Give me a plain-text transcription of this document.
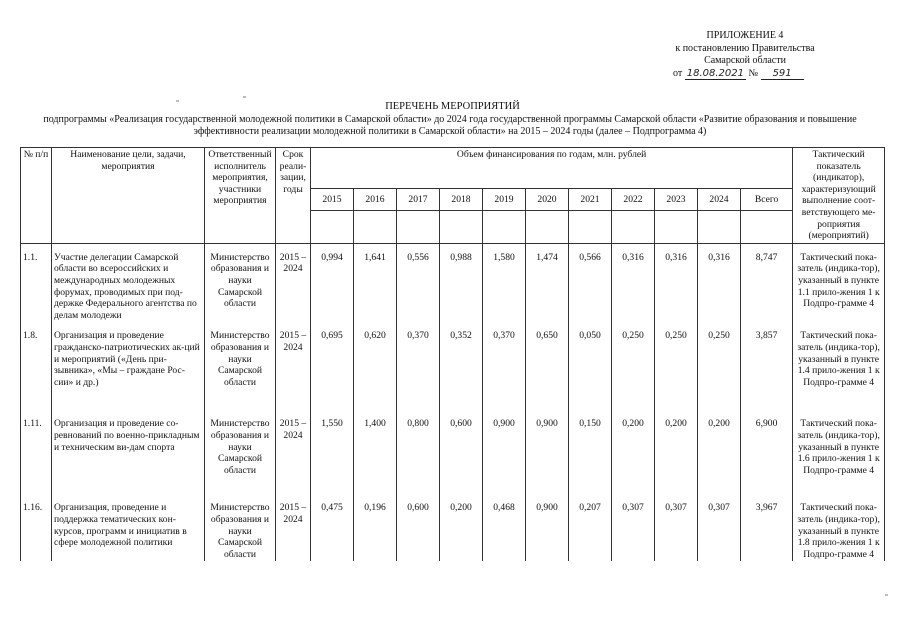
ПРИЛОЖЕНИЕ 4
к постановлению Правительства
Самарской области
от 18.08.2021 № 591
ПЕРЕЧЕНЬ МЕРОПРИЯТИЙ
подпрограммы «Реализация государственной молодежной политики в Самарской области» до 2024 года государственной программы Самарской области «Развитие образования и повышение эффективности реализации молодежной политики в Самарской области» на 2015 – 2024 годы (далее – Подпрограмма 4)
№ п/п	Наименование цели, задачи, мероприятия	Ответственный исполнитель мероприятия, участники мероприятия	Срок реали-зации, годы	Объем финансирования по годам, млн. рублей											Тактический показатель (индикатор), характеризующий выполнение соот-ветствующего ме-роприятия (мероприятий)
				2015	2016	2017	2018	2019	2020	2021	2022	2023	2024	Всего	

1.1.	Участие делегации Самарской области во всероссийских и международных молодежных форумах, проводимых при под-держке Федерального агентства по делам молодежи	Министерство образования и науки Самарской области	2015 – 2024	0,994	1,641	0,556	0,988	1,580	1,474	0,566	0,316	0,316	0,316	8,747	Тактический пока-затель (индика-тор), указанный в пункте 1.1 прило-жения 1 к Подпро-грамме 4
1.8.	Организация и проведение гражданско-патриотических ак-ций и мероприятий («День при-зывника», «Мы – граждане Рос-сии» и др.)	Министерство образования и науки Самарской области	2015 – 2024	0,695	0,620	0,370	0,352	0,370	0,650	0,050	0,250	0,250	0,250	3,857	Тактический пока-затель (индика-тор), указанный в пункте 1.4 прило-жения 1 к Подпро-грамме 4
1.11.	Организация и проведение со-ревнований по военно-прикладным и техническим ви-дам спорта	Министерство образования и науки Самарской области	2015 – 2024	1,550	1,400	0,800	0,600	0,900	0,900	0,150	0,200	0,200	0,200	6,900	Тактический пока-затель (индика-тор), указанный в пункте 1.6 прило-жения 1 к Подпро-грамме 4
1.16.	Организация, проведение и поддержка тематических кон-курсов, программ и инициатив в сфере молодежной политики	Министерство образования и науки Самарской области	2015 – 2024	0,475	0,196	0,600	0,200	0,468	0,900	0,207	0,307	0,307	0,307	3,967	Тактический пока-затель (индика-тор), указанный в пункте 1.8 прило-жения 1 к Подпро-грамме 4
